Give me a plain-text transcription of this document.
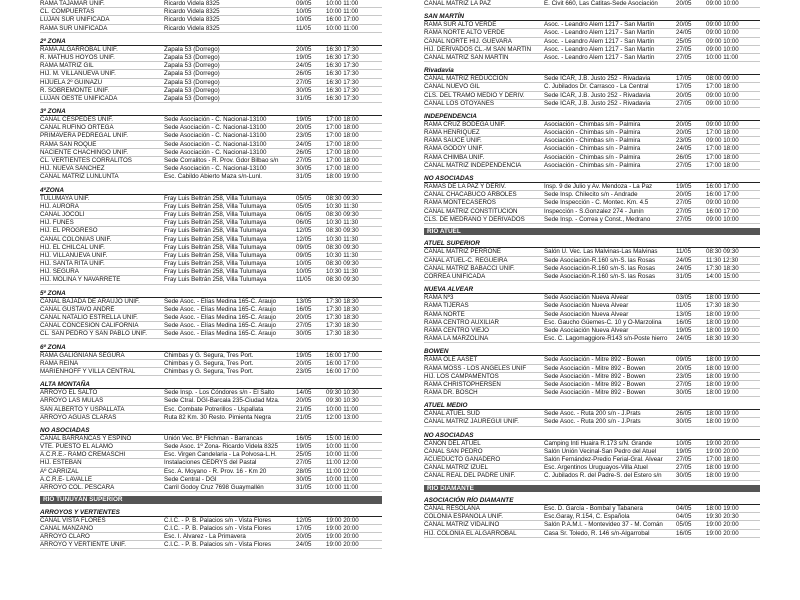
RAMA TAJAMAR UNIF.	Ricardo Videla 8325	09/05	10:00 11:00
CL. COMPUERTAS	Ricardo Videla 8325	10/05	10:00 11:00
LUJAN SUR UNIFICADA	Ricardo Videla 8325	10/05	16:00 17:00
RAMA SUR UNIFICADA	Ricardo Videla 8325	11/05	10:00 11:00
2º ZONA
RAMA ALGARROBAL UNIF.	Zapala 53 (Dorrego)	20/05	16:30 17:30
R. MATHUS HOYOS UNIF.	Zapala 53 (Dorrego)	19/05	16:30 17:30
RAMA MATRIZ GIL	Zapala 53 (Dorrego)	24/05	16:30 17:30
HIJ. M. VILLANUEVA UNIF.	Zapala 53 (Dorrego)	26/05	16:30 17:30
HIJUELA 2º GUIÑAZÚ	Zapala 53 (Dorrego)	27/05	16:30 17:30
R. SOBREMONTE UNIF.	Zapala 53 (Dorrego)	30/05	16:30 17:30
LUJAN OESTE UNIFICADA	Zapala 53 (Dorrego)	31/05	16:30 17:30
3º ZONA
CANAL CÉSPEDES UNIF.	Sede Asociación - C. Nacional-13100	19/05	17:00 18:00
CANAL RUFINO ORTEGA	Sede Asociación - C. Nacional-13100	20/05	17:00 18:00
PRIMAVERA PEDREGAL UNIF.	Sede Asociación - C. Nacional-13100	23/05	17:00 18:00
RAMA SAN ROQUE	Sede Asociación - C. Nacional-13100	24/05	17:00 18:00
NACIENTE CHACHINGO UNIF.	Sede Asociación - C. Nacional-13100	26/05	17:00 18:00
CL. VERTIENTES CORRALITOS	Sede Corralitos - R. Prov. Gdor Bilbao s/n	27/05	17:00 18:00
HIJ. NUEVA SÁNCHEZ	Sede Asociación - C. Nacional-13100	30/05	17:00 18:00
CANAL MATRIZ LUNLUNTA	Esc. Cabildo Abierto Maza s/n-Lunl.	31/05	18:00 19:00
4ºZONA
TULUMAYA UNIF.	Fray Luis Beltrán 258, Villa Tulumaya	05/05	08:30 09:30
HIJ. AURORA	Fray Luis Beltrán 258, Villa Tulumaya	05/05	10:30 11:30
CANAL JOCOLÍ	Fray Luis Beltrán 258, Villa Tulumaya	06/05	08:30 09:30
HIJ. FUNES	Fray Luis Beltrán 258, Villa Tulumaya	06/05	10:30 11:30
HIJ. EL PROGRESO	Fray Luis Beltrán 258, Villa Tulumaya	12/05	08:30 09:30
CANAL COLONIAS UNIF.	Fray Luis Beltrán 258, Villa Tulumaya	12/05	10:30 11:30
HIJ. EL CHILCAL UNIF.	Fray Luis Beltrán 258, Villa Tulumaya	09/05	08:30 09:30
HIJ. VILLANUEVA UNIF.	Fray Luis Beltrán 258, Villa Tulumaya	09/05	10:30 11:30
HIJ. SANTA RITA UNIF.	Fray Luis Beltrán 258, Villa Tulumaya	10/05	08:30 09:30
HIJ. SEGURA	Fray Luis Beltrán 258, Villa Tulumaya	10/05	10:30 11:30
HIJ. MOLINA Y NAVARRETE	Fray Luis Beltrán 258, Villa Tulumaya	11/05	08:30 09:30
5º ZONA
CANAL BAJADA DE ARAUJO UNIF.	Sede Asoc. - Elías Medina 165-C. Araujo	13/05	17:30 18:30
CANAL GUSTAVO ANDRÉ	Sede Asoc. - Elías Medina 165-C. Araujo	16/05	17:30 18:30
CANAL NATALIO ESTRELLA UNIF.	Sede Asoc. - Elías Medina 165-C. Araujo	20/05	17:30 18:30
CANAL CONCESIÓN CALIFORNIA	Sede Asoc. - Elías Medina 165-C. Araujo	27/05	17:30 18:30
CL. SAN PEDRO Y SAN PABLO UNIF.	Sede Asoc. - Elías Medina 165-C. Araujo	30/05	17:30 18:30
6º ZONA
RAMA GALIGNIANA SEGURA	Chimbas y G. Segura, Tres Port.	19/05	16:00 17:00
RAMA REINA	Chimbas y G. Segura, Tres Port.	20/05	16:00 17:00
MARIENHOFF Y VILLA CENTRAL	Chimbas y G. Segura, Tres Port.	23/05	16:00 17:00
ALTA MONTAÑA
ARROYO EL SALTO	Sede Insp. - Los Cóndores s/n - El Salto	14/05	09:30 10:30
ARROYO LAS MULAS	Sede Ctral. DGI-Barcala 235-Ciudad Mza.	20/05	09:30 10:30
SAN ALBERTO Y USPALLATA	Esc. Combate Potrerillos - Uspallata	21/05	10:00 11:00
ARROYO AGUAS CLARAS	Ruta 82 Km. 30 Resto. Pimienta Negra	21/05	12:00 13:00
NO ASOCIADAS
CANAL BARRANCAS Y ESPINO	Unión Vec. Bº Flichman - Barrancas	16/05	15:00 16:00
VTE. PUESTO EL ALAMO	Sede Asoc. 1º Zona- Ricardo Videla 8325	19/05	10:00 11:00
A.C.R.E.- RAMO CREMASCHI	Esc. Virgen Candelaria - La Polvosa-L.H.	25/05	10:00 11:00
HIJ. ESTEBAN	Instalaciones CEDRYS del Pastal	27/05	11:00 12:00
Aº CARRIZAL	Esc. A. Moyano - R. Prov. 16 - Km 20	28/05	11:00 12:00
A.C.R.E- LAVALLE	Sede Central - DGI	30/05	10:00 11:00
ARROYO COL. PESCARA	Carril Godoy Cruz 7698 Guaymallén	31/05	10:00 11:00
RÍO TUNUYÁN SUPERIOR
ARROYOS Y VERTIENTES
CANAL VISTA FLORES	C.I.C. - P. B. Palacios s/n - Vista Flores	12/05	19:00 20:00
CANAL MANZANO	C.I.C. - P. B. Palacios s/n - Vista Flores	17/05	19:00 20:00
ARROYO CLARO	Esc. I. Álvarez - La Primavera	20/05	19:00 20:00
ARROYO Y VERTIENTE UNIF.	C.I.C. - P. B. Palacios s/n - Vista Flores	24/05	19:00 20:00
CANAL MATRIZ LA PAZ	E. Civit 660, Las Catitas-Sede Asociación	20/05	09:00 10:00
SAN MARTÍN
RAMA SUR ALTO VERDE	Asoc. - Leandro Alem 1217 - San Martín	20/05	09:00 10:00
RAMA NORTE ALTO VERDE	Asoc. - Leandro Alem 1217 - San Martín	24/05	09:00 10:00
CANAL NORTE HIJ. GUEVARA	Asoc. - Leandro Alem 1217 - San Martín	25/05	09:00 10:00
HIJ. DERIVADOS CL.-M SAN MARTÍN	Asoc. - Leandro Alem 1217 - San Martín	27/05	09:00 10:00
CANAL MATRIZ SAN MARTÍN	Asoc. - Leandro Alem 1217 - San Martín	27/05	10:00 11:00
Rivadavia
CANAL MATRIZ REDUCCIÓN	Sede ICAR, J.B. Justo 252 - Rivadavia	17/05	08:00 09:00
CANAL NUEVO GIL	C. Jubilados Dr. Carrasco - La Central	17/05	17:00 18:00
CLS. DEL TRAMO MEDIO Y DERIV.	Sede ICAR, J.B. Justo 252 - Rivadavia	20/05	09:00 10:00
CANAL LOS OTOYANES	Sede ICAR, J.B. Justo 252 - Rivadavia	27/05	09:00 10:00
INDEPENDENCIA
RAMA CRUZ BODEGA UNIF.	Asociación - Chimbas s/n - Palmira	20/05	09:00 10:00
RAMA HENRIQUEZ	Asociación - Chimbas s/n - Palmira	20/05	17:00 18:00
RAMA SAUCE UNIF.	Asociación - Chimbas s/n - Palmira	23/05	09:00 10:00
RAMA GODOY UNIF.	Asociación - Chimbas s/n - Palmira	24/05	17:00 18:00
RAMA CHIMBA UNIF.	Asociación - Chimbas s/n - Palmira	26/05	17:00 18:00
CANAL MATRIZ INDEPENDENCIA	Asociación - Chimbas s/n - Palmira	27/05	17:00 18:00
NO ASOCIADAS
RAMAS DE LA PAZ Y DERIV.	Insp. 9 de Julio y Av. Mendoza - La Paz	19/05	16:00 17:00
CANAL CHACABUCO ÁRBOLES	Sede Insp. Chilecito s/n - Andrade	20/05	16:00 17:00
RAMA MONTECASEROS	Sede Inspección - C. Montec. Km. 4.5	27/05	09:00 10:00
CANAL MATRIZ CONSTITUCIÓN	Inspección - S.Gonzalez 274 - Junín	27/05	16:00 17:00
CLS. DE MEDRANO Y DERIVADOS	Sede Insp. - Correa y Const., Medrano	27/05	09:00 10:00
RÍO ATUEL
ATUEL SUPERIOR
CANAL MATRIZ PERRONE	Salón U. Vec. Las Malvinas-Las Malvinas	11/05	08:30 09:30
CANAL ATUEL-C. REGUEIRA	Sede Asociación-R.160 s/n-S. las Rosas	24/05	11:30 12:30
CANAL MATRIZ BABACCI UNIF.	Sede Asociación-R.160 s/n-S. las Rosas	24/05	17:30 18:30
CORREA UNIFICADA	Sede Asociación-R.160 s/n-S. las Rosas	31/05	14:00 15:00
NUEVA ALVEAR
RAMA Nº3	Sede Asociación Nueva Alvear	03/05	18:00 19:00
RAMA TIJERAS	Sede Asociación Nueva Alvear	11/05	17:30 18:30
RAMA NORTE	Sede Asociación Nueva Alvear	13/05	18:00 19:00
RAMA CENTRO AUXILIAR	Esc. Gaucho Güemes-C. 10 y O-Marzolina	16/05	18:00 19:00
RAMA CENTRO VIEJO	Sede Asociación Nueva Alvear	19/05	18:00 19:00
RAMA LA MARZOLINA	Esc. C. Lagomaggiore-R143 s/n-Poste hierro	24/05	18:30 19:30
BOWEN
RAMA OLE AASET	Sede Asociación - Mitre 892 - Bowen	09/05	18:00 19:00
RAMA MOSS - LOS ANGELES UNIF	Sede Asociación - Mitre 892 - Bowen	20/05	18:00 19:00
HIJ. LOS CAMPAMENTOS	Sede Asociación - Mitre 892 - Bowen	23/05	18:00 19:00
RAMA CHRISTOPHERSEN	Sede Asociación - Mitre 892 - Bowen	27/05	18:00 19:00
RAMA DR. BOSCH	Sede Asociación - Mitre 892 - Bowen	30/05	18:00 19:00
ATUEL MEDIO
CANAL ATUEL SUD	Sede Asoc. - Ruta 200 s/n - J.Prats	26/05	18:00 19:00
CANAL MATRIZ JÁUREGUI UNIF.	Sede Asoc. - Ruta 200 s/n - J.Prats	30/05	18:00 19:00
NO ASOCIADAS
CAÑÓN DEL ATUEL	Camping Inti Huaira R.173 s/N. Grande	10/05	19:00 20:00
CANAL SAN PEDRO	Salón Unión Vecinal-San Pedro del Atuel	19/05	19:00 20:00
ACUEDUCTO GANADERO	Salón Fernández-Predio Ferial-Gral. Alvear	27/05	17:00 18:00
CANAL MATRIZ IZUEL	Esc. Argentinos Uruguayos-Villa Atuel	27/05	18:00 19:00
CANAL REAL DEL PADRE UNIF.	C. Jubilados R. del Padre-S. del Estero s/n	30/05	18:00 19:00
RÍO DIAMANTE
ASOCIACIÓN RÍO DIAMANTE
CANAL RESOLANA	Esc. D. García - Bombal y Tabanera	04/05	18:00 19:00
COLONIA ESPAÑOLA UNIF.	Esc.Garay, R.154, C. Española	04/05	19:30 20:30
CANAL MATRIZ VIDALINO	Salón P.A.M.I. - Montevideo 37 - M. Comán	05/05	19:00 20:00
HIJ. COLONIA EL ALGARROBAL	Casa Sr. Toledo, R. 146 s/n-Algarrobal	16/05	19:00 20:00
